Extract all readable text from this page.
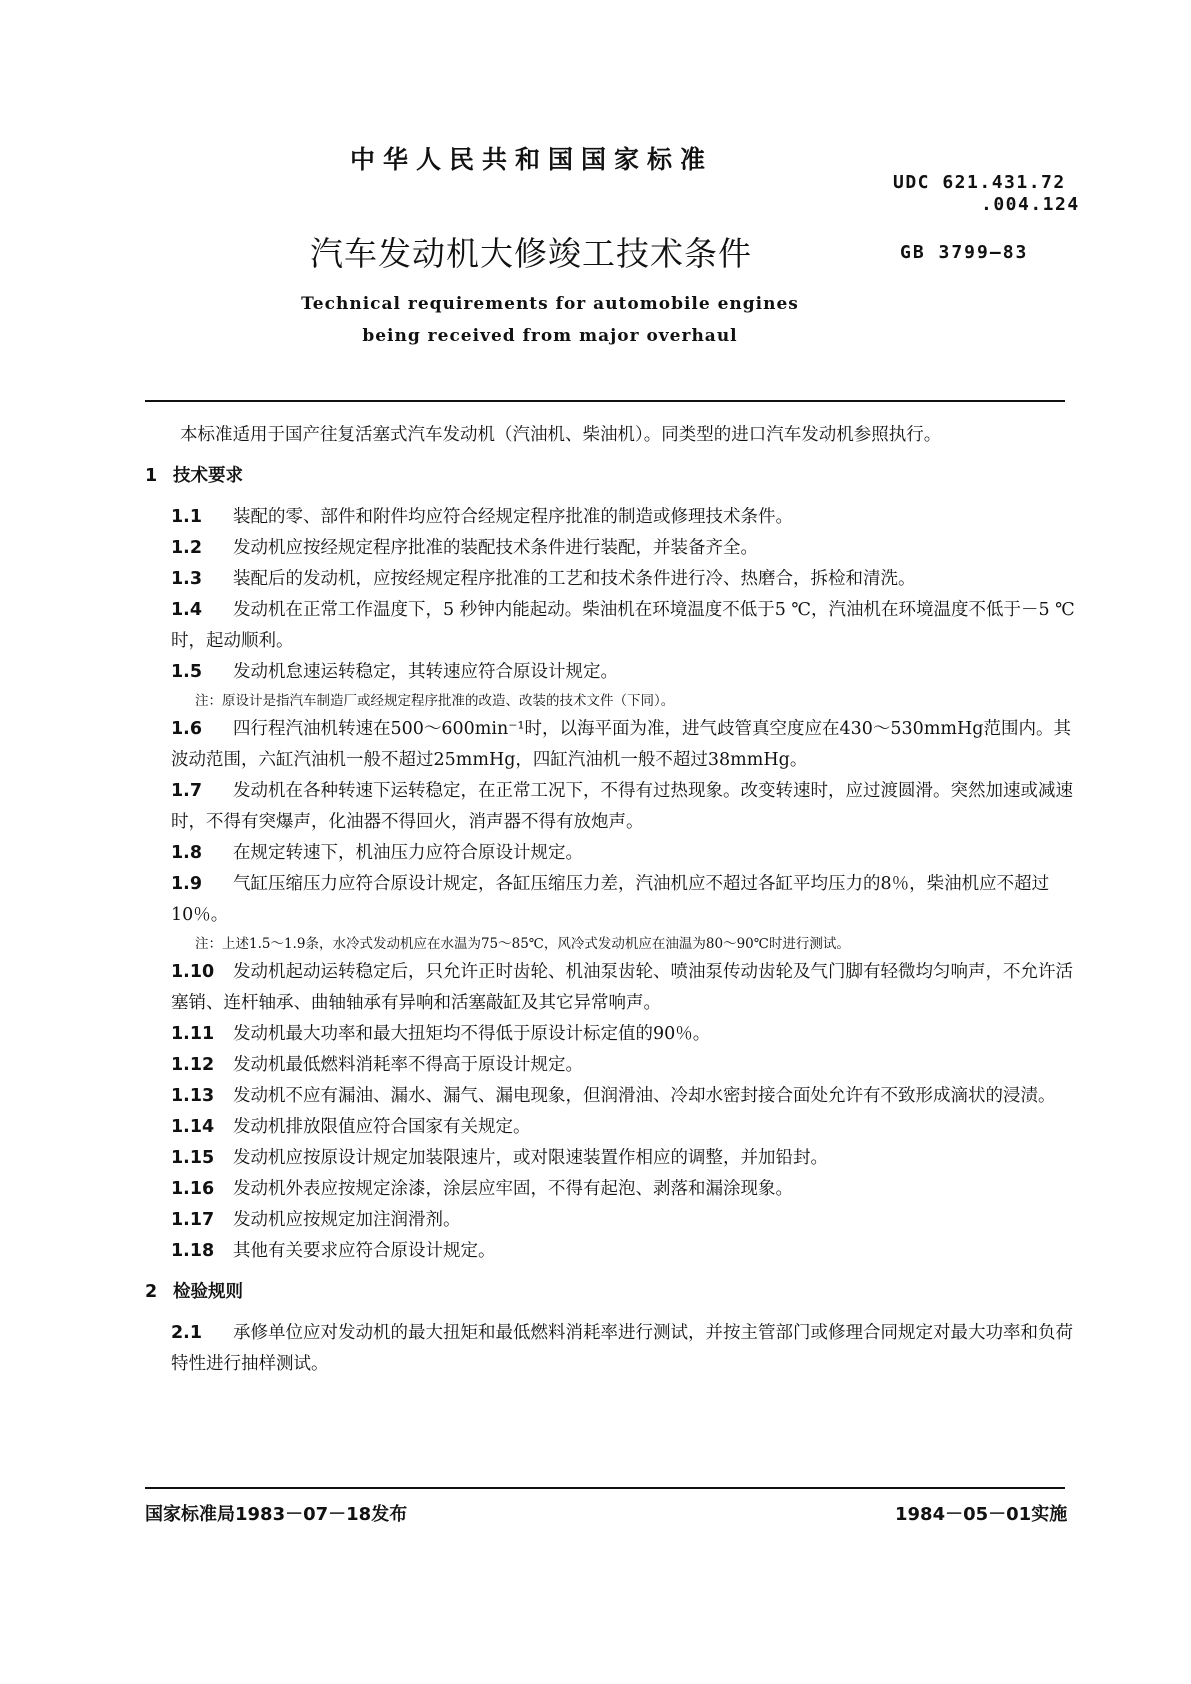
中华人民共和国国家标准
UDC 621.431.72
.004.124
汽车发动机大修竣工技术条件	GB 3799—83
Technical requirements for automobile engines
being received from major overhaul

本标准适用于国产往复活塞式汽车发动机（汽油机、柴油机）。同类型的进口汽车发动机参照执行。

1 技术要求

1.1 装配的零、部件和附件均应符合经规定程序批准的制造或修理技术条件。

1.2 发动机应按经规定程序批准的装配技术条件进行装配，并装备齐全。

1.3 装配后的发动机，应按经规定程序批准的工艺和技术条件进行冷、热磨合，拆检和清洗。

1.4 发动机在正常工作温度下，5 秒钟内能起动。柴油机在环境温度不低于5 ℃，汽油机在环境温度不低于－5 ℃时，起动顺利。

1.5 发动机怠速运转稳定，其转速应符合原设计规定。

注：原设计是指汽车制造厂或经规定程序批准的改造、改装的技术文件（下同）。

1.6 四行程汽油机转速在500～600min⁻¹时，以海平面为准，进气歧管真空度应在430～530mmHg范围内。其波动范围，六缸汽油机一般不超过25mmHg，四缸汽油机一般不超过38mmHg。

1.7 发动机在各种转速下运转稳定，在正常工况下，不得有过热现象。改变转速时，应过渡圆滑。突然加速或减速时，不得有突爆声，化油器不得回火，消声器不得有放炮声。

1.8 在规定转速下，机油压力应符合原设计规定。

1.9 气缸压缩压力应符合原设计规定，各缸压缩压力差，汽油机应不超过各缸平均压力的8％，柴油机应不超过10％。

注：上述1.5～1.9条，水冷式发动机应在水温为75～85℃，风冷式发动机应在油温为80～90℃时进行测试。

1.10 发动机起动运转稳定后，只允许正时齿轮、机油泵齿轮、喷油泵传动齿轮及气门脚有轻微均匀响声，不允许活塞销、连杆轴承、曲轴轴承有异响和活塞敲缸及其它异常响声。

1.11 发动机最大功率和最大扭矩均不得低于原设计标定值的90％。

1.12 发动机最低燃料消耗率不得高于原设计规定。

1.13 发动机不应有漏油、漏水、漏气、漏电现象，但润滑油、冷却水密封接合面处允许有不致形成滴状的浸渍。

1.14 发动机排放限值应符合国家有关规定。

1.15 发动机应按原设计规定加装限速片，或对限速装置作相应的调整，并加铅封。

1.16 发动机外表应按规定涂漆，涂层应牢固，不得有起泡、剥落和漏涂现象。

1.17 发动机应按规定加注润滑剂。

1.18 其他有关要求应符合原设计规定。

2 检验规则

2.1 承修单位应对发动机的最大扭矩和最低燃料消耗率进行测试，并按主管部门或修理合同规定对最大功率和负荷特性进行抽样测试。

国家标准局1983－07－18发布	1984－05－01实施
